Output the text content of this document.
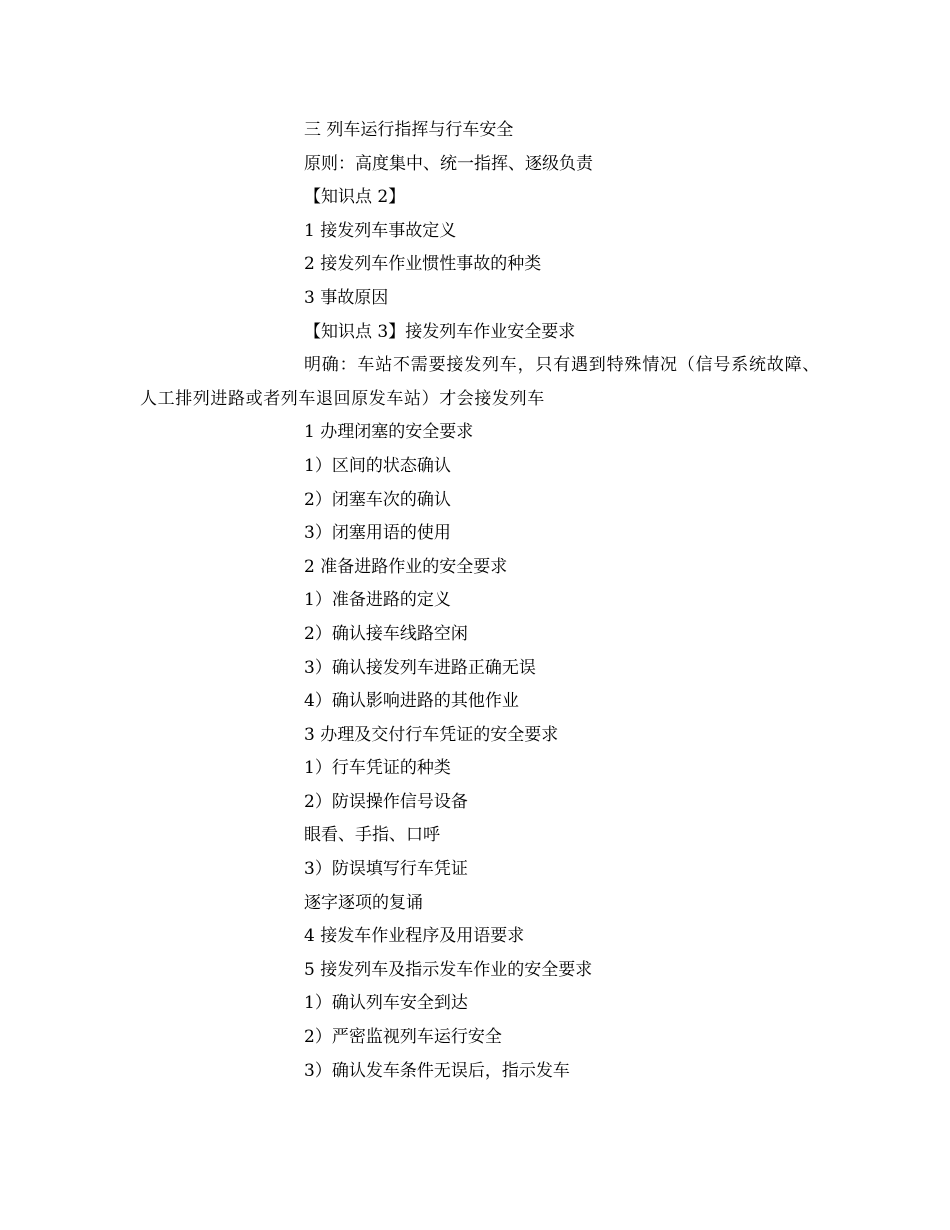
三 列车运行指挥与行车安全
原则：高度集中、统一指挥、逐级负责
【知识点 2】
1 接发列车事故定义
2 接发列车作业惯性事故的种类
3 事故原因
【知识点 3】接发列车作业安全要求
明确：车站不需要接发列车，只有遇到特殊情况（信号系统故障、人工排列进路或者列车退回原发车站）才会接发列车
1 办理闭塞的安全要求
1）区间的状态确认
2）闭塞车次的确认
3）闭塞用语的使用
2 准备进路作业的安全要求
1）准备进路的定义
2）确认接车线路空闲
3）确认接发列车进路正确无误
4）确认影响进路的其他作业
3 办理及交付行车凭证的安全要求
1）行车凭证的种类
2）防误操作信号设备
眼看、手指、口呼
3）防误填写行车凭证
逐字逐项的复诵
4 接发车作业程序及用语要求
5 接发列车及指示发车作业的安全要求
1）确认列车安全到达
2）严密监视列车运行安全
3）确认发车条件无误后，指示发车
